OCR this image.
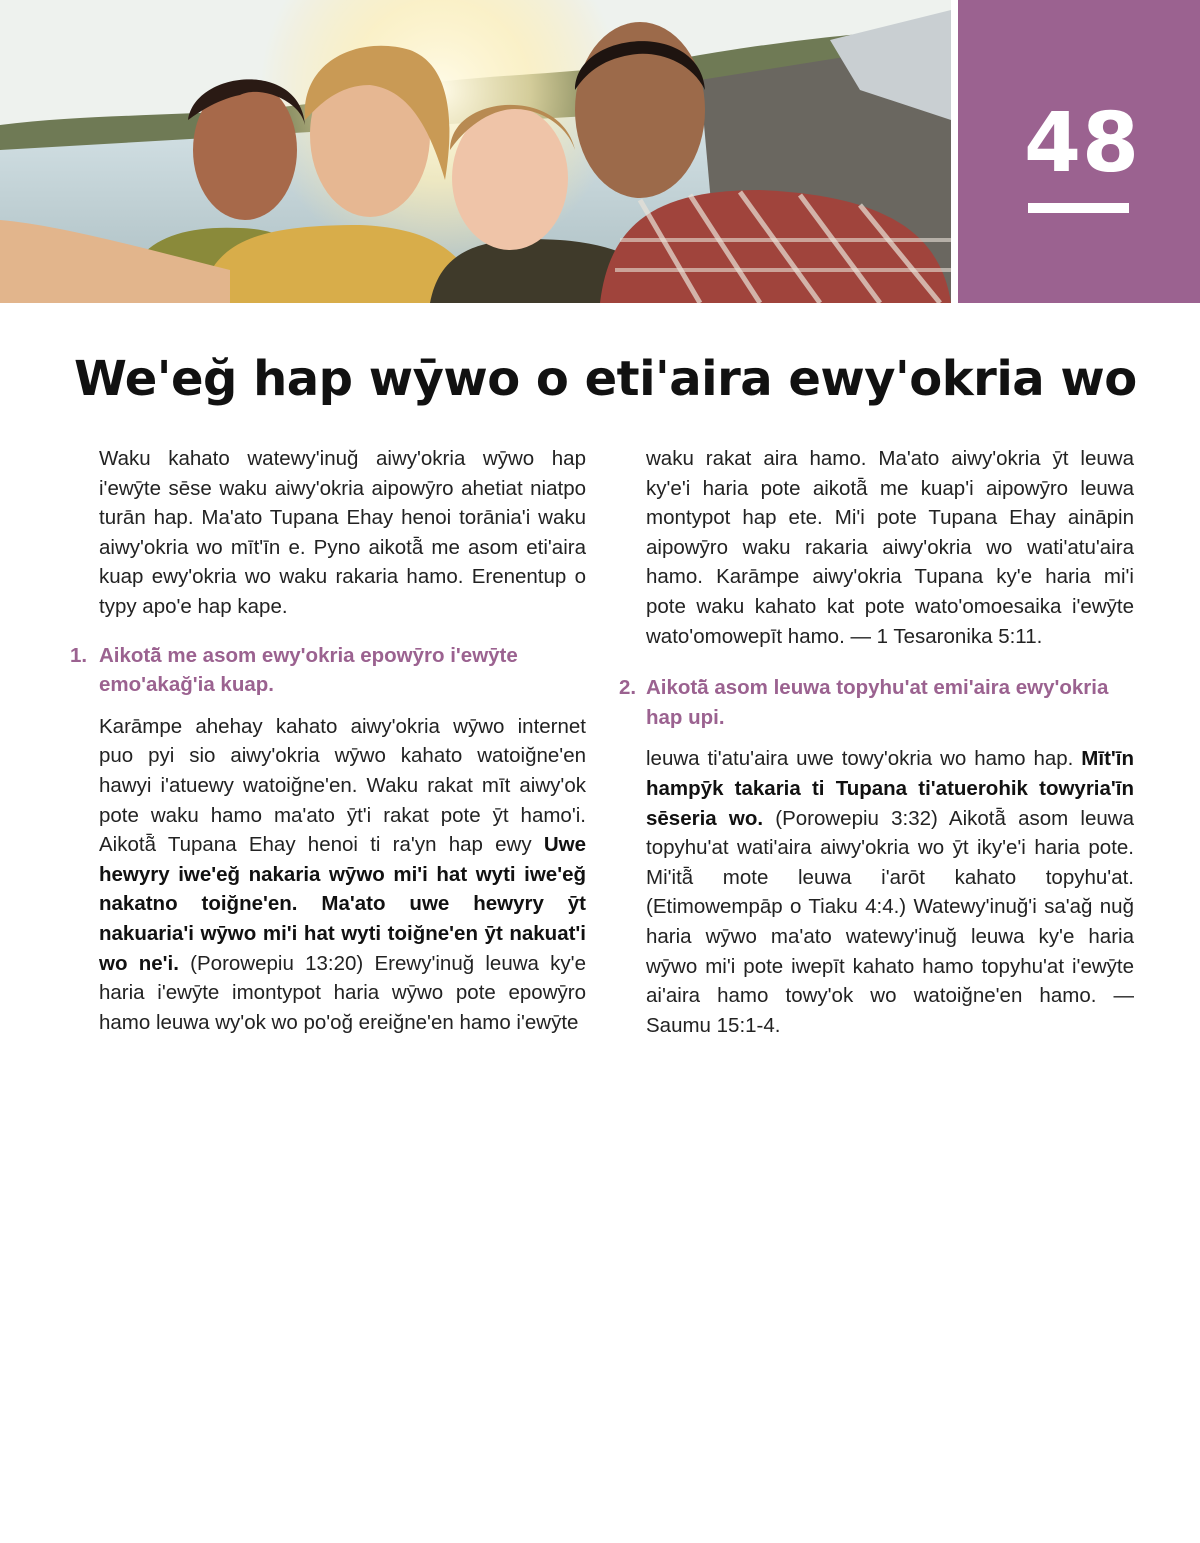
48
We'eğ hap wȳwo o eti'aira ewy'okria wo

Waku kahato watewy'inuğ aiwy'okria wȳwo hap i'ewȳte sēse waku aiwy'okria aipowȳro ahetiat niatpo turān hap. Ma'ato Tupana Ehay henoi torānia'i waku aiwy'okria wo mīt'īn e. Pyno aikotã̄ me asom eti'aira kuap ewy'okria wo waku rakaria hamo. Erenentup o typy apo'e hap kape.

1. Aikotã̄ me asom ewy'okria epowȳro i'ewȳte emo'akağ'ia kuap.

Karāmpe ahehay kahato aiwy'okria wȳwo internet puo pyi sio aiwy'okria wȳwo kahato watoiğne'en hawyi i'atuewy watoiğne'en. Waku rakat mīt aiwy'ok pote waku hamo ma'ato ȳt'i rakat pote ȳt hamo'i. Aikotã̄ Tupana Ehay henoi ti ra'yn hap ewy Uwe hewyry iwe'eğ nakaria wȳwo mi'i hat wyti iwe'eğ nakatno toiğne'en. Ma'ato uwe hewyry ȳt nakuaria'i wȳwo mi'i hat wyti toiğne'en ȳt nakuat'i wo ne'i. (Porowepiu 13:20) Erewy'inuğ leuwa ky'e haria i'ewȳte imontypot haria wȳwo pote epowȳro hamo leuwa wy'ok wo po'oğ ereiğne'en hamo i'ewȳte

waku rakat aira hamo. Ma'ato aiwy'okria ȳt leuwa ky'e'i haria pote aikotã̄ me kuap'i aipowȳro leuwa montypot hap ete. Mi'i pote Tupana Ehay aināpin aipowȳro waku rakaria aiwy'okria wo wati'atu'aira hamo. Karāmpe aiwy'okria Tupana ky'e haria mi'i pote waku kahato kat pote wato'omoesaika i'ewȳte wato'omowepīt hamo. — 1 Tesaronika 5:11.

2. Aikotã̄ asom leuwa topyhu'at emi'aira ewy'okria hap upi.

leuwa ti'atu'aira uwe towy'okria wo hamo hap. Mīt'īn hampȳk takaria ti Tupana ti'atuerohik towyria'īn sēseria wo. (Porowepiu 3:32) Aikotã̄ asom leuwa topyhu'at wati'aira aiwy'okria wo ȳt iky'e'i haria pote. Mi'itã̄ mote leuwa i'arōt kahato topyhu'at. (Etimowempāp o Tiaku 4:4.) Watewy'inuğ'i sa'ağ nuğ haria wȳwo ma'ato watewy'inuğ leuwa ky'e haria wȳwo mi'i pote iwepīt kahato hamo topyhu'at i'ewȳte ai'aira hamo towy'ok wo watoiğne'en hamo. — Saumu 15:1-4.
